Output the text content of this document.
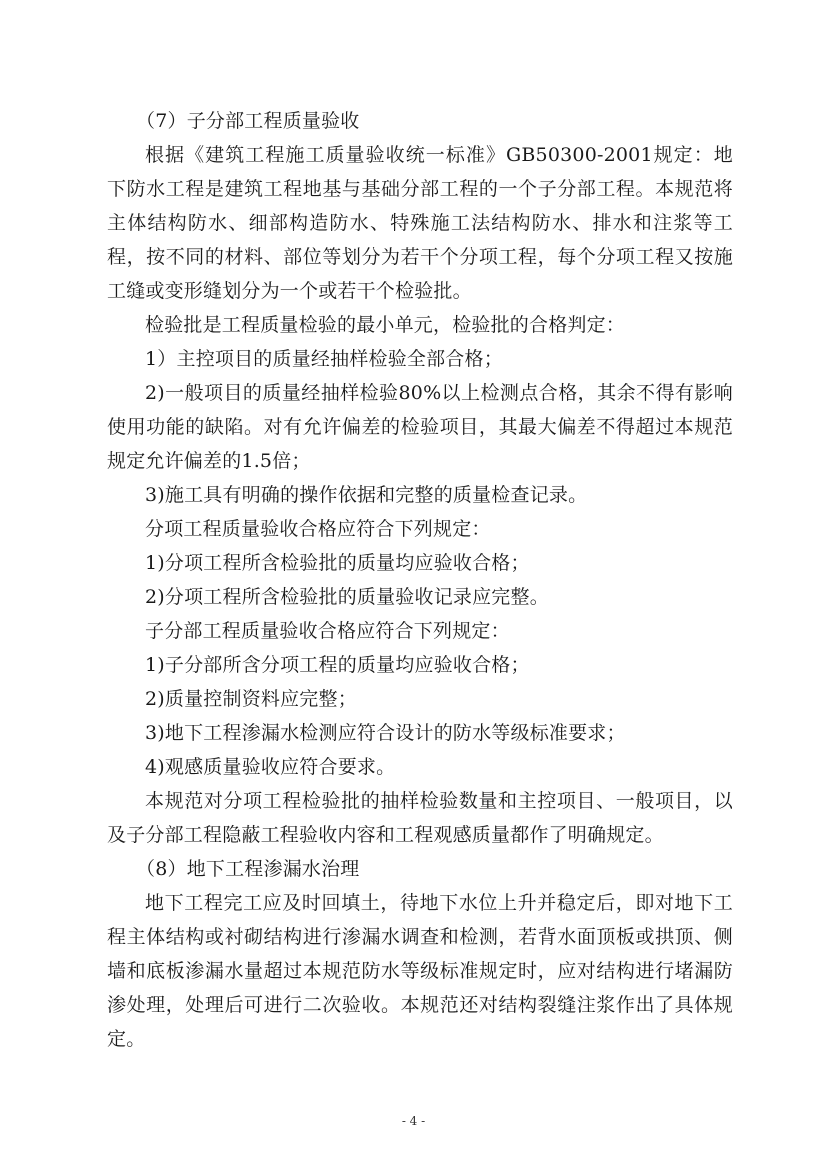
（7）子分部工程质量验收

根据《建筑工程施工质量验收统一标准》GB50300-2001规定：地下防水工程是建筑工程地基与基础分部工程的一个子分部工程。本规范将主体结构防水、细部构造防水、特殊施工法结构防水、排水和注浆等工程，按不同的材料、部位等划分为若干个分项工程，每个分项工程又按施工缝或变形缝划分为一个或若干个检验批。

检验批是工程质量检验的最小单元，检验批的合格判定：

1）主控项目的质量经抽样检验全部合格；

2)一般项目的质量经抽样检验80%以上检测点合格，其余不得有影响使用功能的缺陷。对有允许偏差的检验项目，其最大偏差不得超过本规范规定允许偏差的1.5倍；

3)施工具有明确的操作依据和完整的质量检查记录。

分项工程质量验收合格应符合下列规定：

1)分项工程所含检验批的质量均应验收合格；

2)分项工程所含检验批的质量验收记录应完整。

子分部工程质量验收合格应符合下列规定：

1)子分部所含分项工程的质量均应验收合格；

2)质量控制资料应完整；

3)地下工程渗漏水检测应符合设计的防水等级标准要求；

4)观感质量验收应符合要求。

本规范对分项工程检验批的抽样检验数量和主控项目、一般项目，以及子分部工程隐蔽工程验收内容和工程观感质量都作了明确规定。

（8）地下工程渗漏水治理

地下工程完工应及时回填土，待地下水位上升并稳定后，即对地下工程主体结构或衬砌结构进行渗漏水调查和检测，若背水面顶板或拱顶、侧墙和底板渗漏水量超过本规范防水等级标准规定时，应对结构进行堵漏防渗处理，处理后可进行二次验收。本规范还对结构裂缝注浆作出了具体规定。

- 4 -
